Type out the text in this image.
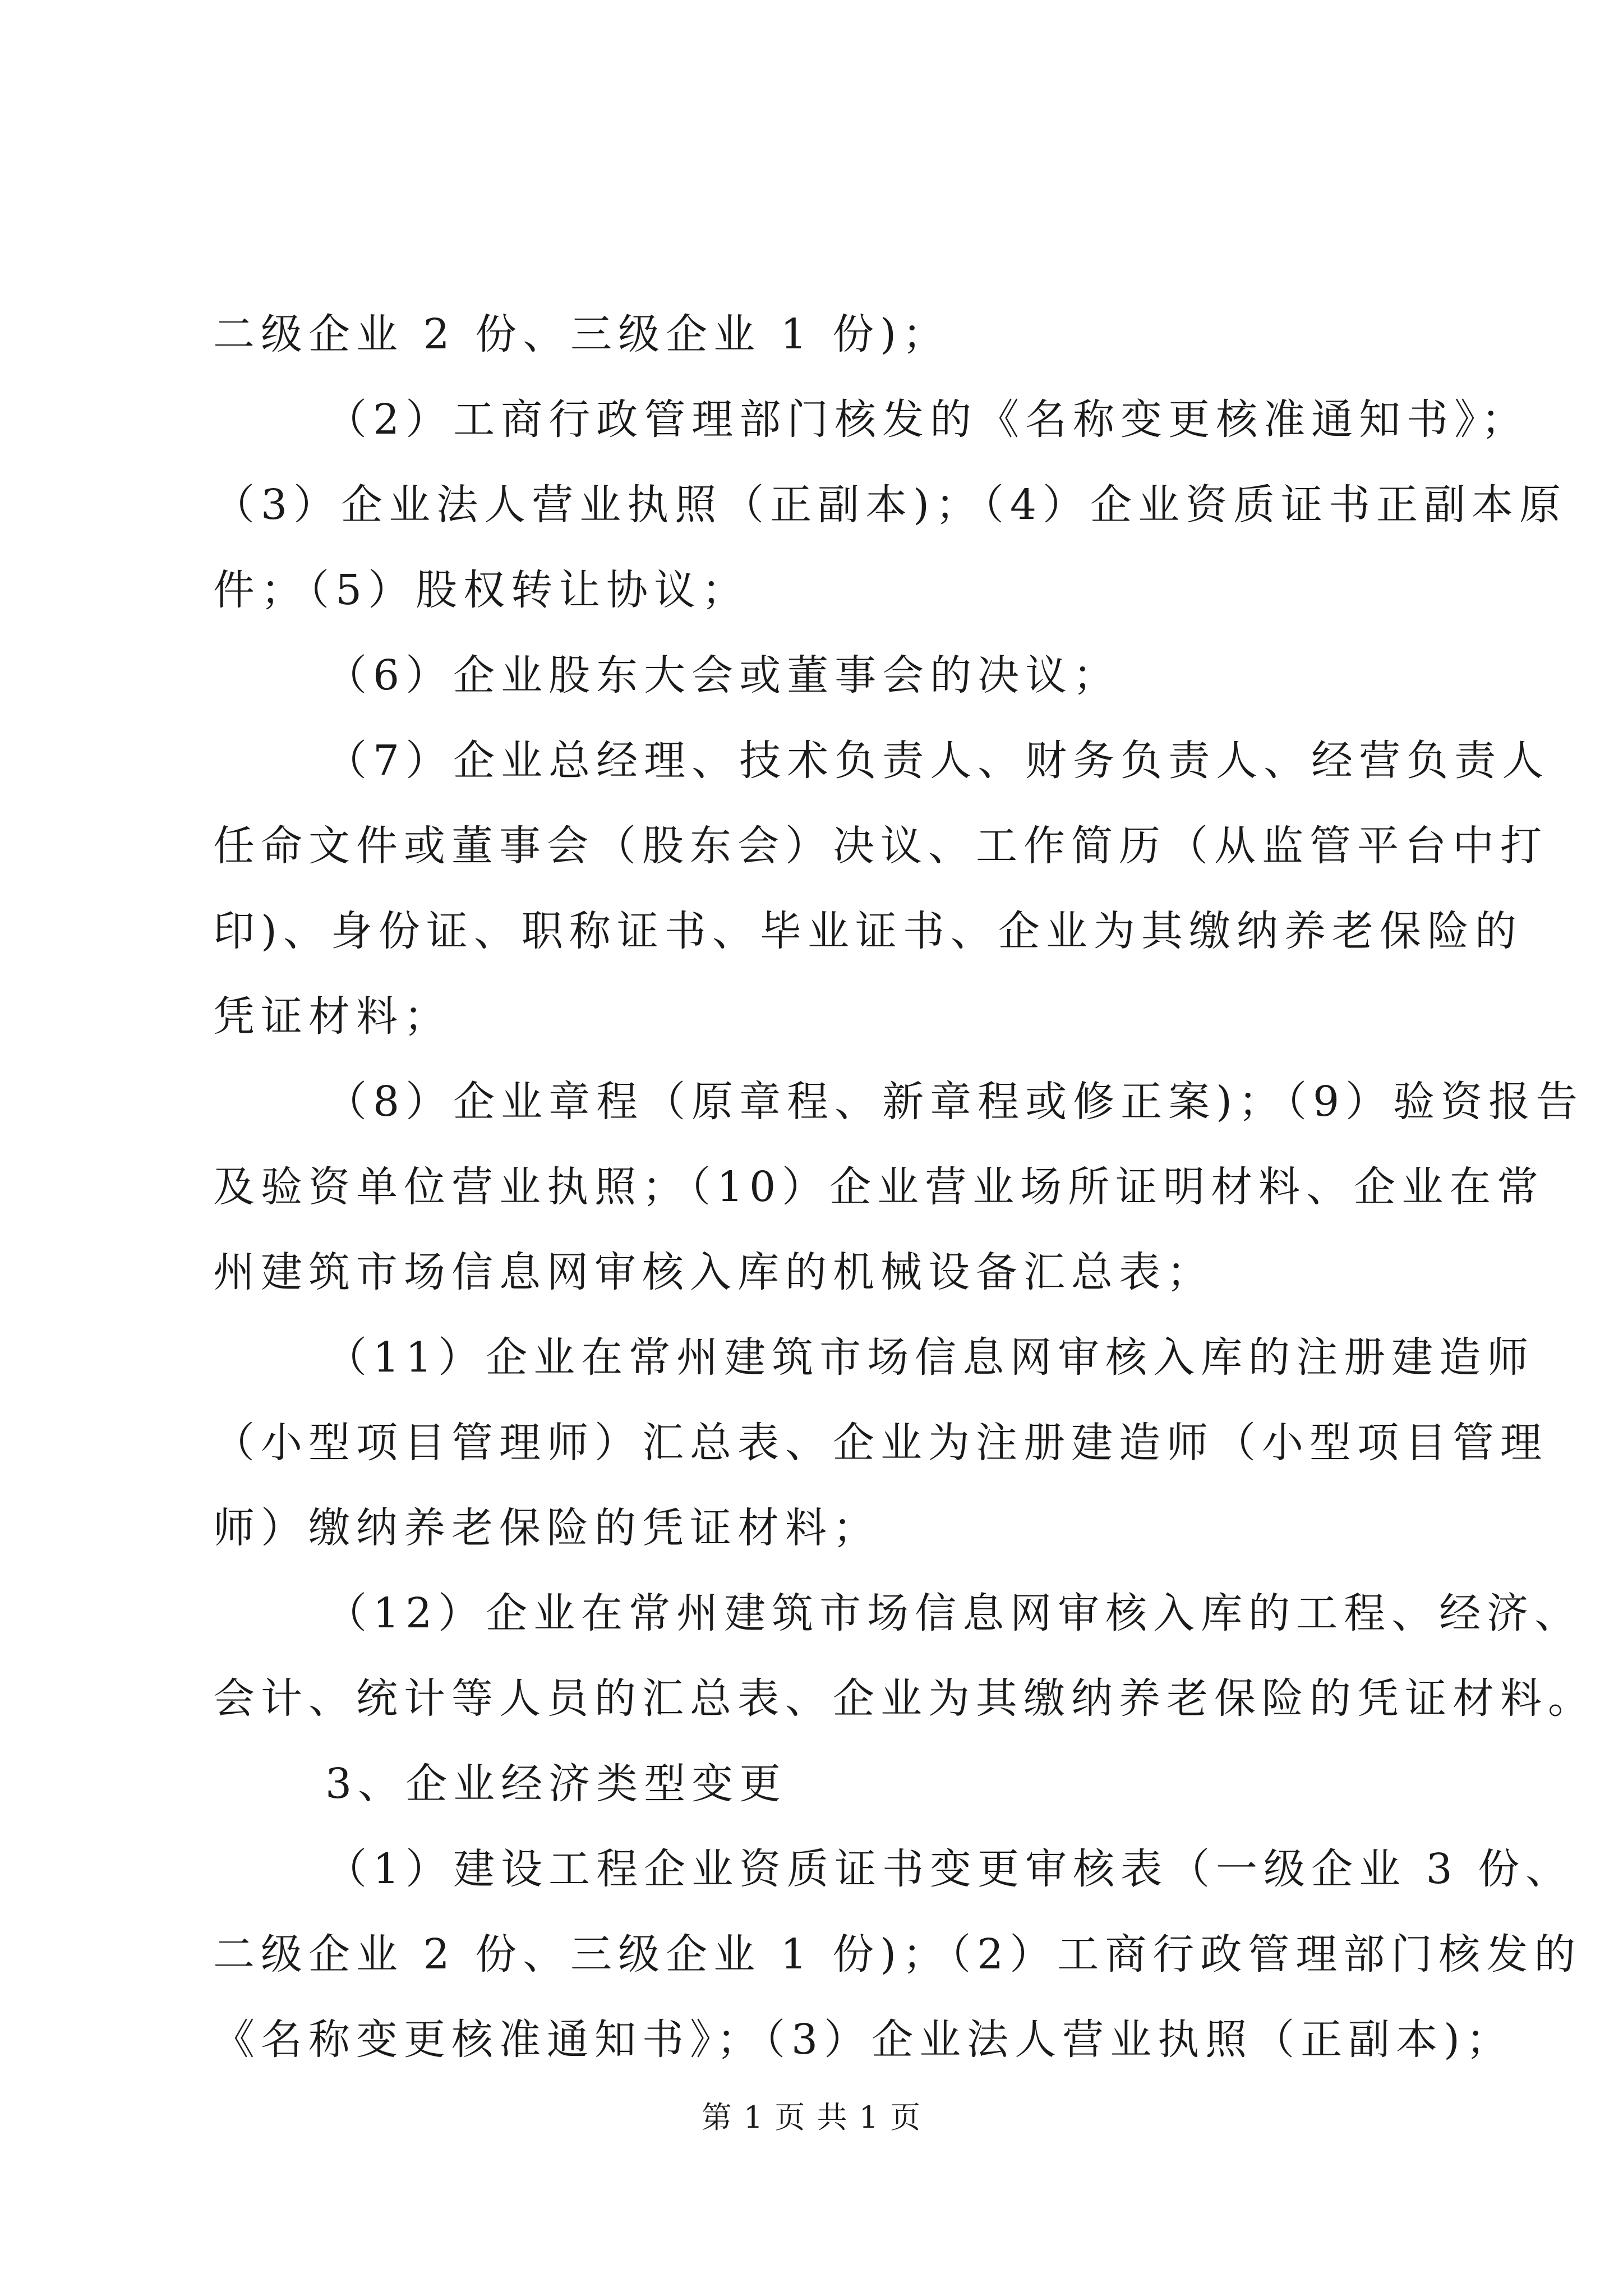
二级企业 2 份、三级企业 1 份)；
（2）工商行政管理部门核发的《名称变更核准通知书》；
（3）企业法人营业执照（正副本)；（4）企业资质证书正副本原
件；（5）股权转让协议；
（6）企业股东大会或董事会的决议；
（7）企业总经理、技术负责人、财务负责人、经营负责人
任命文件或董事会（股东会）决议、工作简历（从监管平台中打
印)、身份证、职称证书、毕业证书、企业为其缴纳养老保险的
凭证材料；
（8）企业章程（原章程、新章程或修正案)；（9）验资报告
及验资单位营业执照；（10）企业营业场所证明材料、企业在常
州建筑市场信息网审核入库的机械设备汇总表；
（11）企业在常州建筑市场信息网审核入库的注册建造师
（小型项目管理师）汇总表、企业为注册建造师（小型项目管理
师）缴纳养老保险的凭证材料；
（12）企业在常州建筑市场信息网审核入库的工程、经济、
会计、统计等人员的汇总表、企业为其缴纳养老保险的凭证材料。
3、企业经济类型变更
（1）建设工程企业资质证书变更审核表（一级企业 3 份、
二级企业 2 份、三级企业 1 份)；（2）工商行政管理部门核发的
《名称变更核准通知书》；（3）企业法人营业执照（正副本)；
第 1 页 共 1 页
